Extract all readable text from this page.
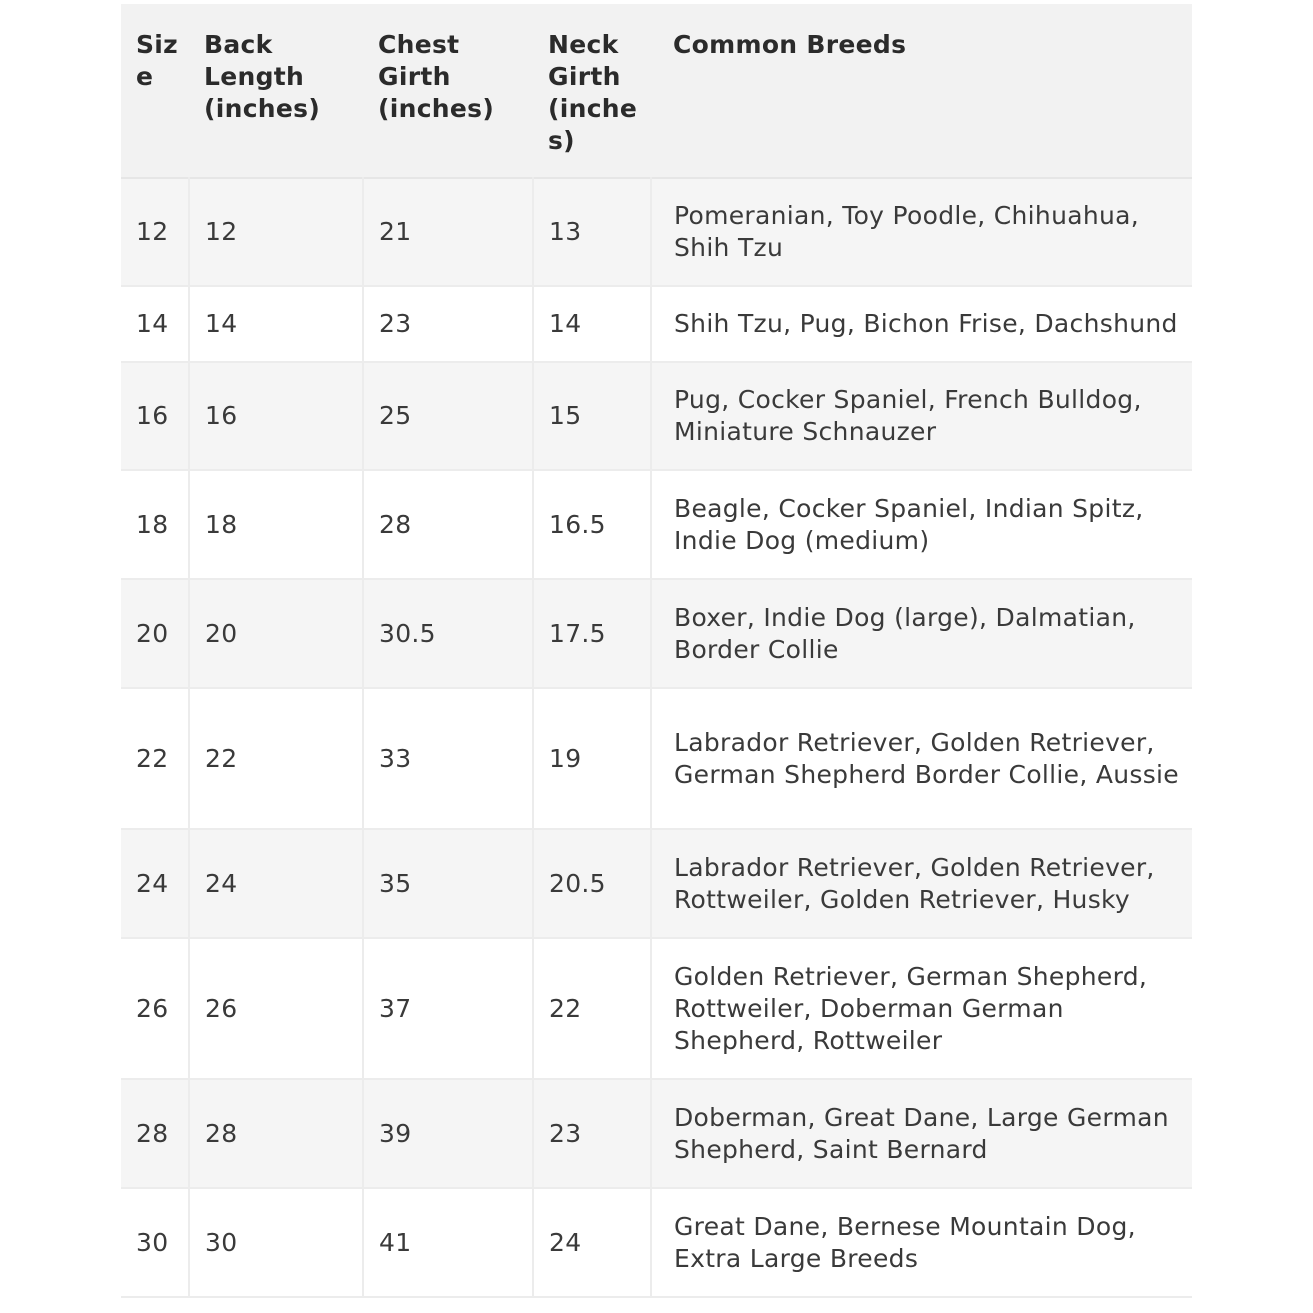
Size	Back Length (inches)	Chest Girth (inches)	Neck Girth (inches)	Common Breeds
12	12	21	13	Pomeranian, Toy Poodle, Chihuahua, Shih Tzu
14	14	23	14	Shih Tzu, Pug, Bichon Frise, Dachshund
16	16	25	15	Pug, Cocker Spaniel, French Bulldog, Miniature Schnauzer
18	18	28	16.5	Beagle, Cocker Spaniel, Indian Spitz, Indie Dog (medium)
20	20	30.5	17.5	Boxer, Indie Dog (large), Dalmatian, Border Collie
22	22	33	19	Labrador Retriever, Golden Retriever, German Shepherd Border Collie, Aussie
24	24	35	20.5	Labrador Retriever, Golden Retriever, Rottweiler, Golden Retriever, Husky
26	26	37	22	Golden Retriever, German Shepherd, Rottweiler, Doberman German Shepherd, Rottweiler
28	28	39	23	Doberman, Great Dane, Large German Shepherd, Saint Bernard
30	30	41	24	Great Dane, Bernese Mountain Dog, Extra Large Breeds
